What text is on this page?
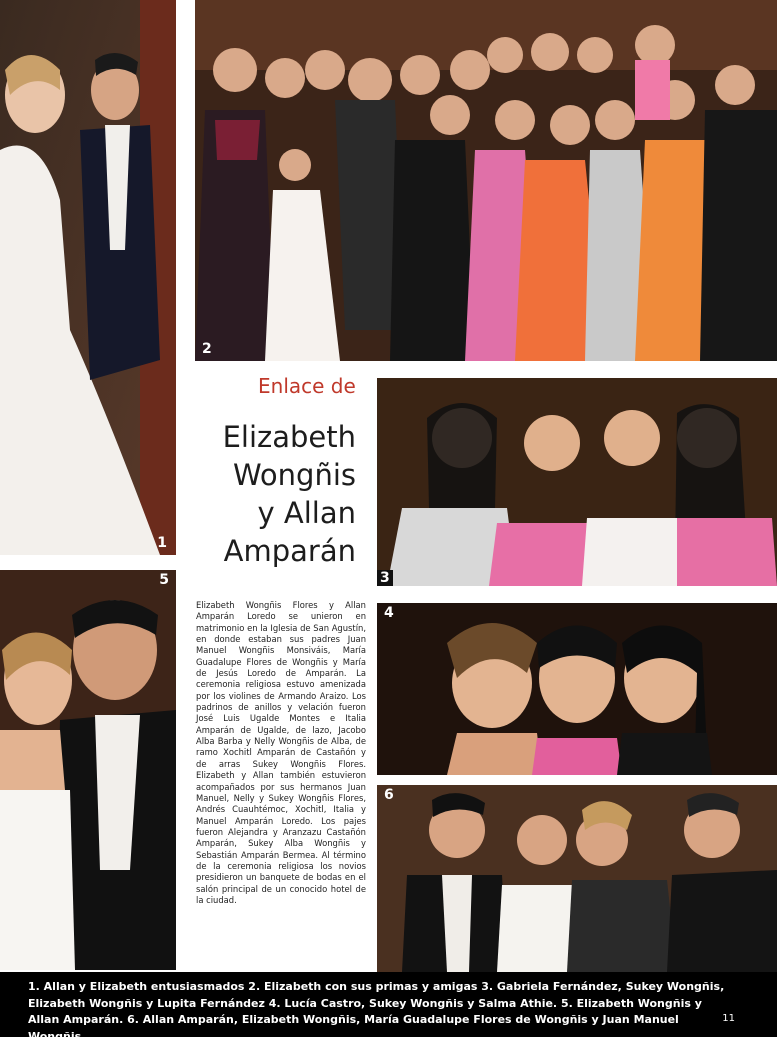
1
2
Enlace de
Elizabeth
Wongñis
y Allan
Amparán
3
4
5
Elizabeth Wongñis Flores y Allan Amparán Loredo se unieron en matrimonio en la Iglesia de San Agustín, en donde estaban sus padres Juan Manuel Wongñis Monsiváis, María Guadalupe Flores de Wongñis y María de Jesús Loredo de Amparán. La ceremonia religiosa estuvo amenizada por los violines de Armando Araizo. Los padrinos de anillos y velación fueron José Luis Ugalde Montes e Italia Amparán de Ugalde, de lazo, Jacobo Alba Barba y Nelly Wongñis de Alba, de ramo Xochitl Amparán de Castañón y de arras Sukey Wongñis Flores. Elizabeth y Allan también estuvieron acompañados por sus hermanos Juan Manuel, Nelly y Sukey Wongñis Flores, Andrés Cuauhtémoc, Xochitl, Italia y Manuel Amparán Loredo. Los pajes fueron Alejandra y Aranzazu Castañón Amparán, Sukey Alba Wongñis y Sebastián Amparán Bermea. Al término de la ceremonia religiosa los novios presidieron un banquete de bodas en el salón principal de un conocido hotel de la ciudad.
6
1. Allan y Elizabeth entusiasmados 2. Elizabeth con sus primas y amigas 3. Gabriela Fernández, Sukey Wongñis, Elizabeth Wongñis y Lupita Fernández 4. Lucía Castro, Sukey Wongñis y Salma Athie. 5. Elizabeth Wongñis y Allan Amparán. 6. Allan Amparán, Elizabeth Wongñis, María Guadalupe Flores de Wongñis y Juan Manuel Wongñis.
11
